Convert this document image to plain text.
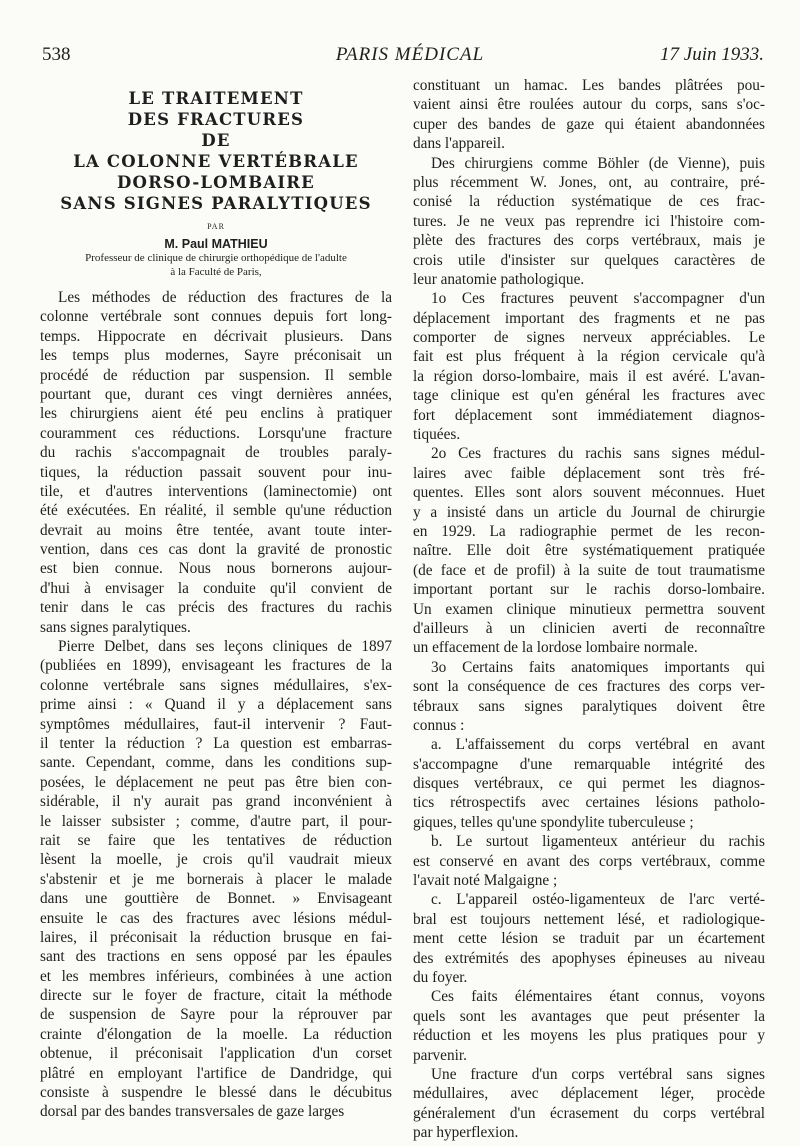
538	PARIS MÉDICAL	17 Juin 1933.
LE TRAITEMENT
DES FRACTURES
DE
LA COLONNE VERTÉBRALE
DORSO-LOMBAIRE
SANS SIGNES PARALYTIQUES
PAR
M. Paul MATHIEU
Professeur de clinique de chirurgie orthopédique de l'adulte
à la Faculté de Paris,
Les méthodes de réduction des fractures de la
colonne vertébrale sont connues depuis fort long-
temps. Hippocrate en décrivait plusieurs. Dans
les temps plus modernes, Sayre préconisait un
procédé de réduction par suspension. Il semble
pourtant que, durant ces vingt dernières années,
les chirurgiens aient été peu enclins à pratiquer
couramment ces réductions. Lorsqu'une fracture
du rachis s'accompagnait de troubles paraly-
tiques, la réduction passait souvent pour inu-
tile, et d'autres interventions (laminectomie) ont
été exécutées. En réalité, il semble qu'une réduction
devrait au moins être tentée, avant toute inter-
vention, dans ces cas dont la gravité de pronostic
est bien connue. Nous nous bornerons aujour-
d'hui à envisager la conduite qu'il convient de
tenir dans le cas précis des fractures du rachis
sans signes paralytiques.
Pierre Delbet, dans ses leçons cliniques de 1897
(publiées en 1899), envisageant les fractures de la
colonne vertébrale sans signes médullaires, s'ex-
prime ainsi : « Quand il y a déplacement sans
symptômes médullaires, faut-il intervenir ? Faut-
il tenter la réduction ? La question est embarras-
sante. Cependant, comme, dans les conditions sup-
posées, le déplacement ne peut pas être bien con-
sidérable, il n'y aurait pas grand inconvénient à
le laisser subsister ; comme, d'autre part, il pour-
rait se faire que les tentatives de réduction
lèsent la moelle, je crois qu'il vaudrait mieux
s'abstenir et je me bornerais à placer le malade
dans une gouttière de Bonnet. » Envisageant
ensuite le cas des fractures avec lésions médul-
laires, il préconisait la réduction brusque en fai-
sant des tractions en sens opposé par les épaules
et les membres inférieurs, combinées à une action
directe sur le foyer de fracture, citait la méthode
de suspension de Sayre pour la réprouver par
crainte d'élongation de la moelle. La réduction
obtenue, il préconisait l'application d'un corset
plâtré en employant l'artifice de Dandridge, qui
consiste à suspendre le blessé dans le décubitus
dorsal par des bandes transversales de gaze larges
constituant un hamac. Les bandes plâtrées pou-
vaient ainsi être roulées autour du corps, sans s'oc-
cuper des bandes de gaze qui étaient abandonnées
dans l'appareil.
Des chirurgiens comme Böhler (de Vienne), puis
plus récemment W. Jones, ont, au contraire, pré-
conisé la réduction systématique de ces frac-
tures. Je ne veux pas reprendre ici l'histoire com-
plète des fractures des corps vertébraux, mais je
crois utile d'insister sur quelques caractères de
leur anatomie pathologique.
1o Ces fractures peuvent s'accompagner d'un
déplacement important des fragments et ne pas
comporter de signes nerveux appréciables. Le
fait est plus fréquent à la région cervicale qu'à
la région dorso-lombaire, mais il est avéré. L'avan-
tage clinique est qu'en général les fractures avec
fort déplacement sont immédiatement diagnos-
tiquées.
2o Ces fractures du rachis sans signes médul-
laires avec faible déplacement sont très fré-
quentes. Elles sont alors souvent méconnues. Huet
y a insisté dans un article du Journal de chirurgie
en 1929. La radiographie permet de les recon-
naître. Elle doit être systématiquement pratiquée
(de face et de profil) à la suite de tout traumatisme
important portant sur le rachis dorso-lombaire.
Un examen clinique minutieux permettra souvent
d'ailleurs à un clinicien averti de reconnaître
un effacement de la lordose lombaire normale.
3o Certains faits anatomiques importants qui
sont la conséquence de ces fractures des corps ver-
tébraux sans signes paralytiques doivent être
connus :
a. L'affaissement du corps vertébral en avant
s'accompagne d'une remarquable intégrité des
disques vertébraux, ce qui permet les diagnos-
tics rétrospectifs avec certaines lésions patholo-
giques, telles qu'une spondylite tuberculeuse ;
b. Le surtout ligamenteux antérieur du rachis
est conservé en avant des corps vertébraux, comme
l'avait noté Malgaigne ;
c. L'appareil ostéo-ligamenteux de l'arc verté-
bral est toujours nettement lésé, et radiologique-
ment cette lésion se traduit par un écartement
des extrémités des apophyses épineuses au niveau
du foyer.
Ces faits élémentaires étant connus, voyons
quels sont les avantages que peut présenter la
réduction et les moyens les plus pratiques pour y
parvenir.
Une fracture d'un corps vertébral sans signes
médullaires, avec déplacement léger, procède
généralement d'un écrasement du corps vertébral
par hyperflexion.
